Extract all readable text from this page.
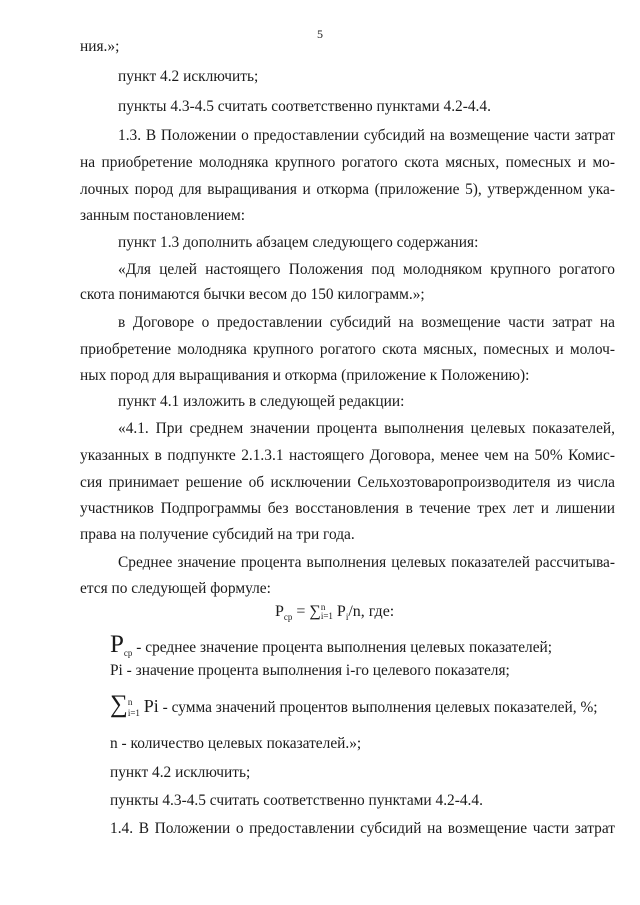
5
ния.»;
пункт 4.2 исключить;
пункты 4.3-4.5 считать соответственно пунктами 4.2-4.4.
1.3. В Положении о предоставлении субсидий на возмещение части затрат
на приобретение молодняка крупного рогатого скота мясных, помесных и мо-
лочных пород для выращивания и откорма (приложение 5), утвержденном ука-
занным постановлением:
пункт 1.3 дополнить абзацем следующего содержания:
«Для целей настоящего Положения под молодняком крупного рогатого
скота понимаются бычки весом до 150 килограмм.»;
в Договоре о предоставлении субсидий на возмещение части затрат на
приобретение молодняка крупного рогатого скота мясных, помесных и молоч-
ных пород для выращивания и откорма (приложение к Положению):
пункт 4.1 изложить в следующей редакции:
«4.1. При среднем значении процента выполнения целевых показателей,
указанных в подпункте 2.1.3.1 настоящего Договора, менее чем на 50% Комис-
сия принимает решение об исключении Сельхозтоваропроизводителя из числа
участников Подпрограммы без восстановления в течение трех лет и лишении
права на получение субсидий на три года.
Среднее значение процента выполнения целевых показателей рассчитыва-
ется по следующей формуле:
$P_{ср}$ = ∑ n
i=1 $P_i/n$, где:
$P_{ср}$ - среднее значение процента выполнения целевых показателей;
Pi - значение процента выполнения i-го целевого показателя;
∑ n
i=1 Pi - сумма значений процентов выполнения целевых показателей, %;
n - количество целевых показателей.»;
пункт 4.2 исключить;
пункты 4.3-4.5 считать соответственно пунктами 4.2-4.4.
1.4. В Положении о предоставлении субсидий на возмещение части затрат
